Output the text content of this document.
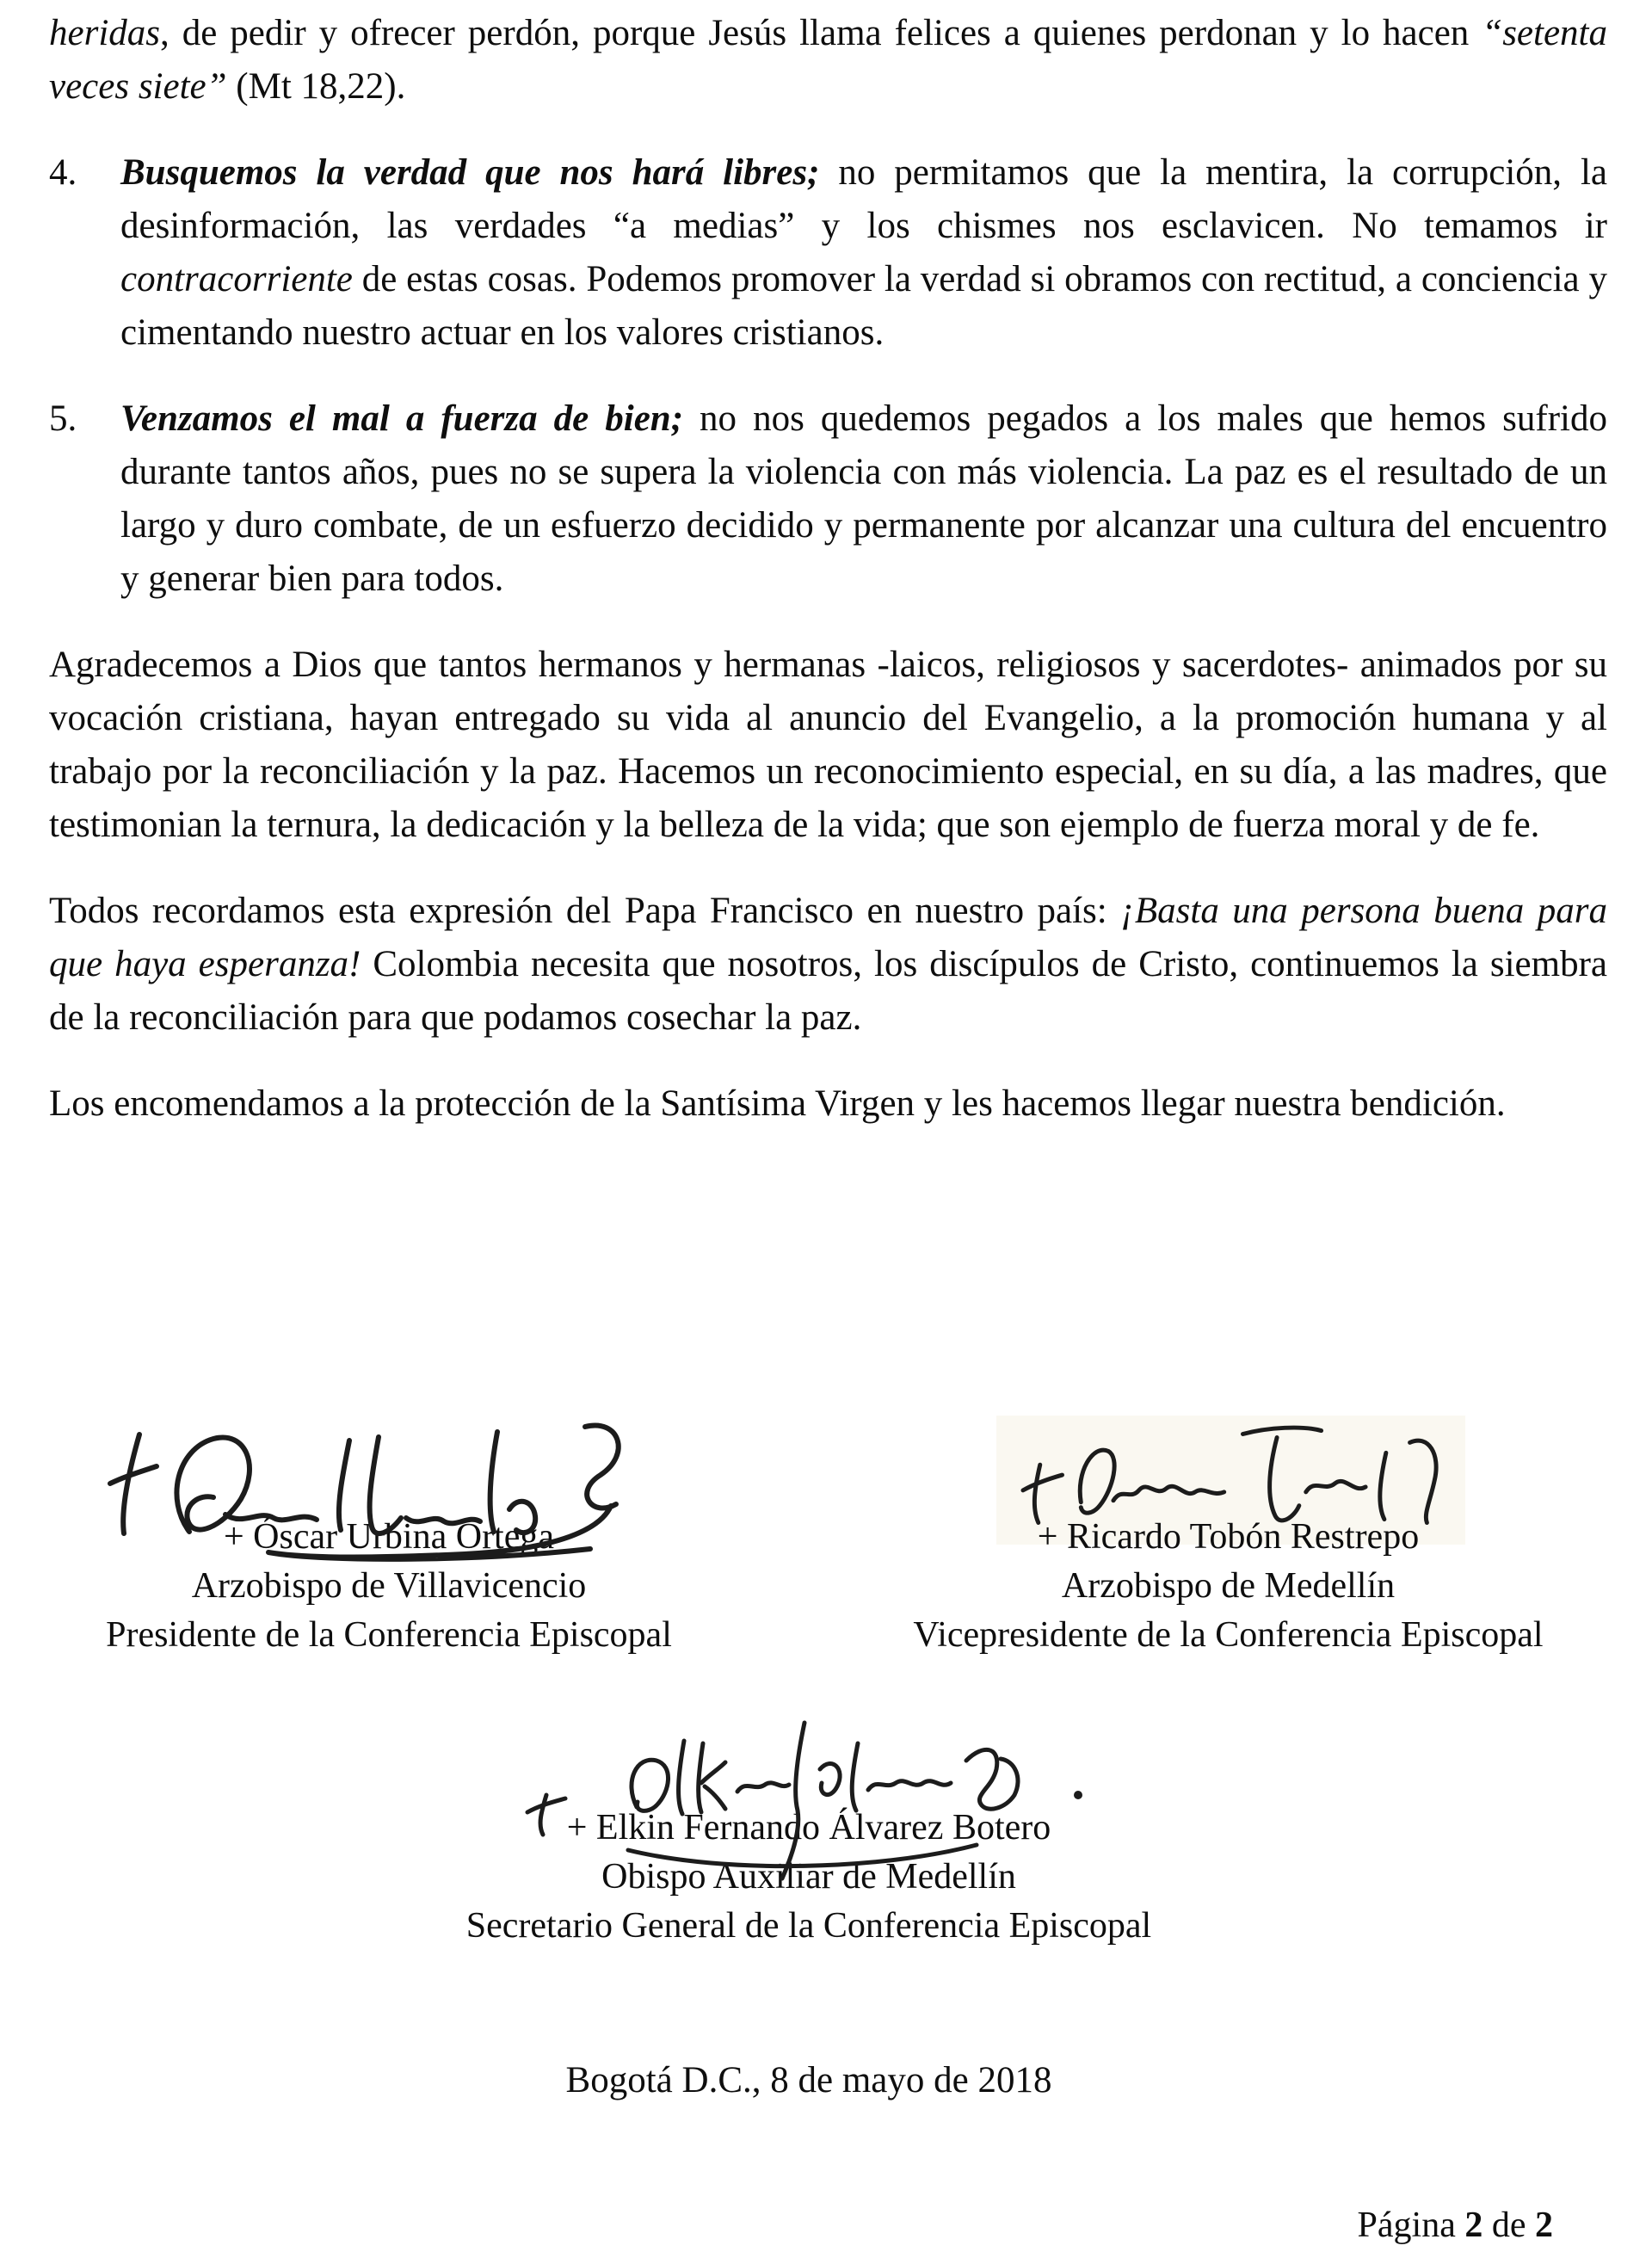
heridas, de pedir y ofrecer perdón, porque Jesús llama felices a quienes perdonan y lo hacen “setenta veces siete” (Mt 18,22).

4. Busquemos la verdad que nos hará libres; no permitamos que la mentira, la corrupción, la desinformación, las verdades “a medias” y los chismes nos esclavicen. No temamos ir contracorriente de estas cosas. Podemos promover la verdad si obramos con rectitud, a conciencia y cimentando nuestro actuar en los valores cristianos.
5. Venzamos el mal a fuerza de bien; no nos quedemos pegados a los males que hemos sufrido durante tantos años, pues no se supera la violencia con más violencia. La paz es el resultado de un largo y duro combate, de un esfuerzo decidido y permanente por alcanzar una cultura del encuentro y generar bien para todos.

Agradecemos a Dios que tantos hermanos y hermanas -laicos, religiosos y sacerdotes- animados por su vocación cristiana, hayan entregado su vida al anuncio del Evangelio, a la promoción humana y al trabajo por la reconciliación y la paz. Hacemos un reconocimiento especial, en su día, a las madres, que testimonian la ternura, la dedicación y la belleza de la vida; que son ejemplo de fuerza moral y de fe.

Todos recordamos esta expresión del Papa Francisco en nuestro país: ¡Basta una persona buena para que haya esperanza! Colombia necesita que nosotros, los discípulos de Cristo, continuemos la siembra de la reconciliación para que podamos cosechar la paz.

Los encomendamos a la protección de la Santísima Virgen y les hacemos llegar nuestra bendición.

+ Óscar Urbina Ortega
Arzobispo de Villavicencio
Presidente de la Conferencia Episcopal
+ Ricardo Tobón Restrepo
Arzobispo de Medellín
Vicepresidente de la Conferencia Episcopal
+ Elkin Fernando Álvarez Botero
Obispo Auxiliar de Medellín
Secretario General de la Conferencia Episcopal
Bogotá D.C., 8 de mayo de 2018
Página 2 de 2
